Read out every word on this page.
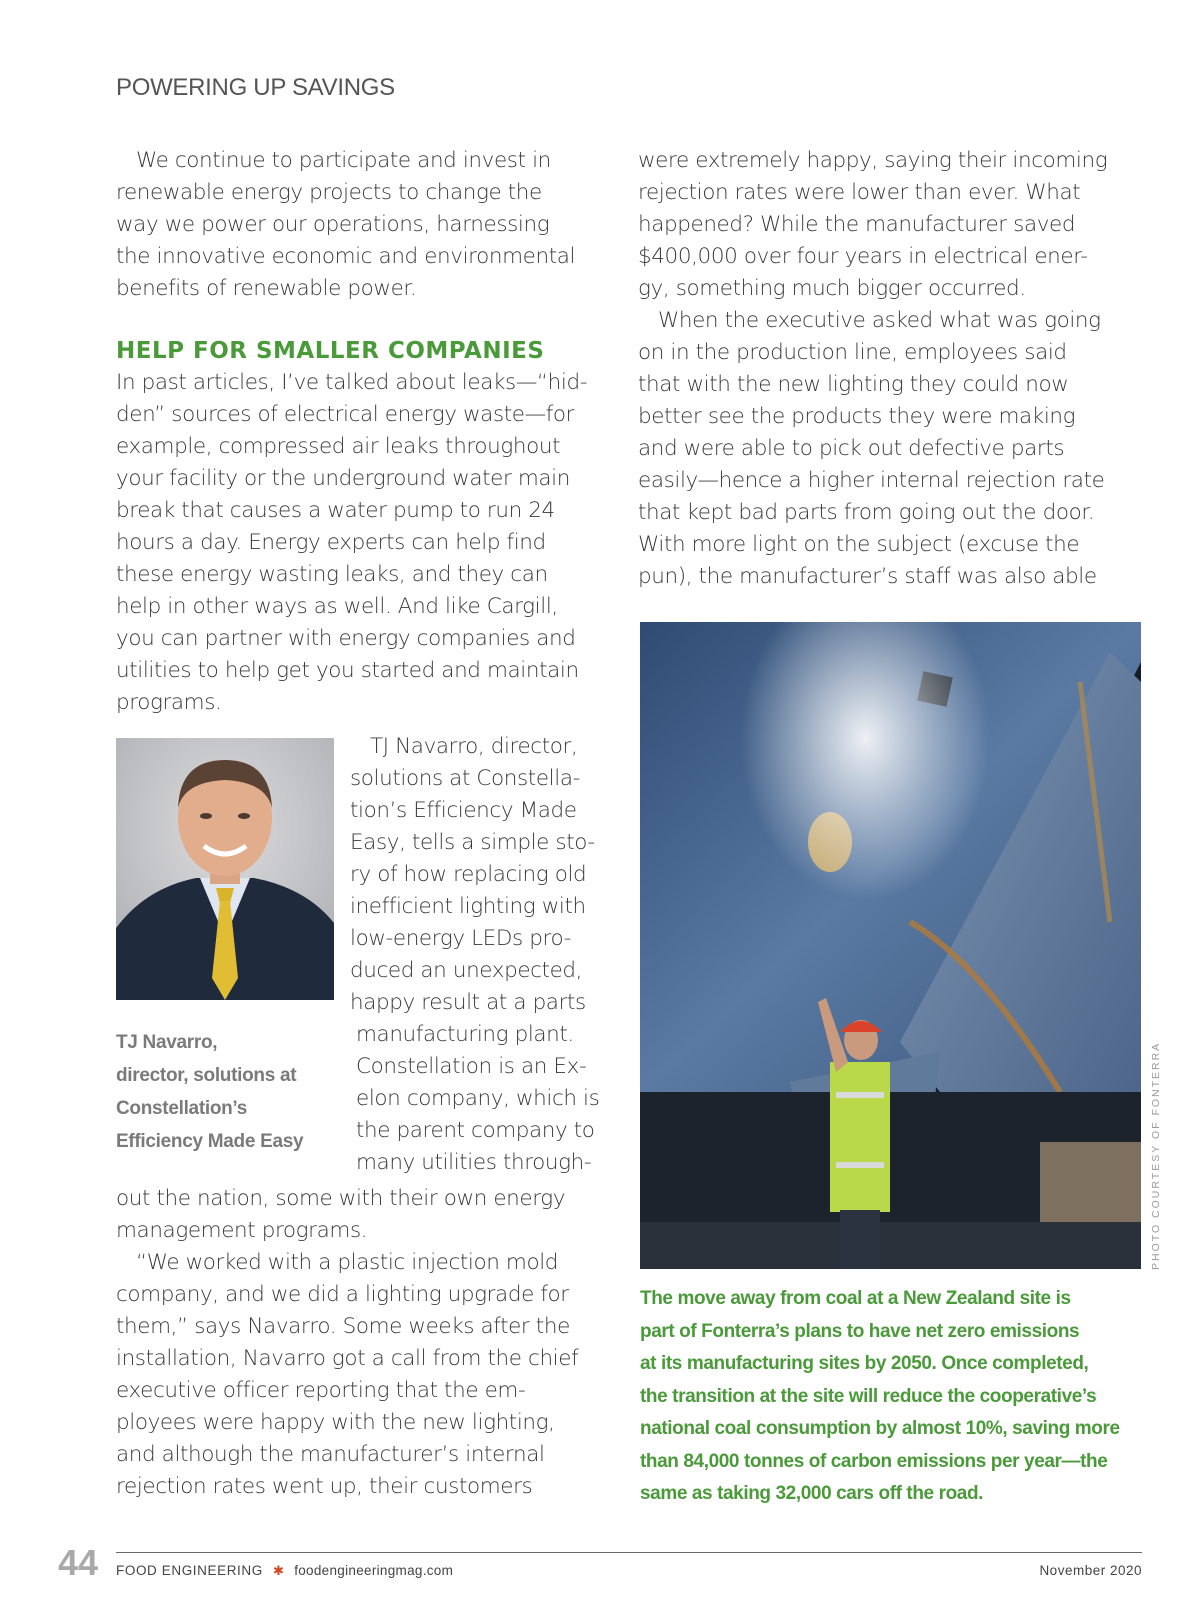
POWERING UP SAVINGS
We continue to participate and invest in
renewable energy projects to change the
way we power our operations, harnessing
the innovative economic and environmental
benefits of renewable power.
HELP FOR SMALLER COMPANIES
In past articles, I’ve talked about leaks—“hid-
den” sources of electrical energy waste—for
example, compressed air leaks throughout
your facility or the underground water main
break that causes a water pump to run 24
hours a day. Energy experts can help find
these energy wasting leaks, and they can
help in other ways as well. And like Cargill,
you can partner with energy companies and
utilities to help get you started and maintain
programs.
TJ Navarro,
director, solutions at
Constellation’s
Efficiency Made Easy
TJ Navarro, director,
solutions at Constella-
tion’s Efficiency Made
Easy, tells a simple sto-
ry of how replacing old
inefficient lighting with
low-energy LEDs pro-
duced an unexpected,
happy result at a parts
manufacturing plant.
Constellation is an Ex-
elon company, which is
the parent company to
many utilities through-
out the nation, some with their own energy
management programs.
“We worked with a plastic injection mold
company, and we did a lighting upgrade for
them,” says Navarro. Some weeks after the
installation, Navarro got a call from the chief
executive officer reporting that the em-
ployees were happy with the new lighting,
and although the manufacturer’s internal
rejection rates went up, their customers
were extremely happy, saying their incoming
rejection rates were lower than ever. What
happened? While the manufacturer saved
$400,000 over four years in electrical ener-
gy, something much bigger occurred.
When the executive asked what was going
on in the production line, employees said
that with the new lighting they could now
better see the products they were making
and were able to pick out defective parts
easily—hence a higher internal rejection rate
that kept bad parts from going out the door.
With more light on the subject (excuse the
pun), the manufacturer’s staff was also able
PHOTO COURTESY OF FONTERRA
The move away from coal at a New Zealand site is
part of Fonterra’s plans to have net zero emissions
at its manufacturing sites by 2050. Once completed,
the transition at the site will reduce the cooperative’s
national coal consumption by almost 10%, saving more
than 84,000 tonnes of carbon emissions per year—the
same as taking 32,000 cars off the road.
44 FOOD ENGINEERING ✱ foodengineeringmag.com	November 2020
